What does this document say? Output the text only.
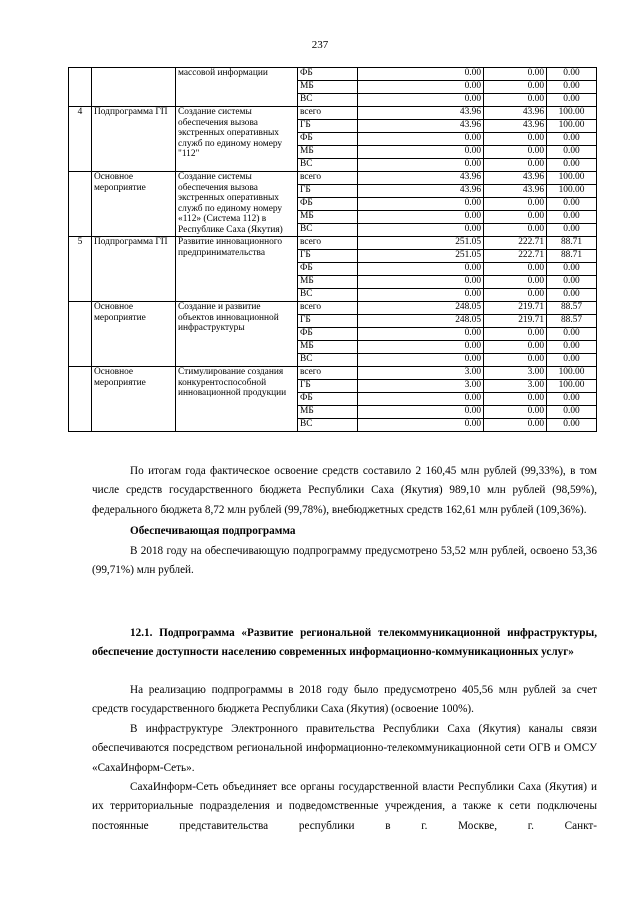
237
		массовой информации	ФБ	0.00	0.00	0.00
			МБ	0.00	0.00	0.00
			ВС	0.00	0.00	0.00
4	Подпрограмма ГП	Создание системы обеспечения вызова экстренных оперативных служб по единому номеру "112"	всего	43.96	43.96	100.00
			ГБ	43.96	43.96	100.00
			ФБ	0.00	0.00	0.00
			МБ	0.00	0.00	0.00
			ВС	0.00	0.00	0.00
	Основное мероприятие	Создание системы обеспечения вызова экстренных оперативных служб по единому номеру «112» (Система 112) в Республике Саха (Якутия)	всего	43.96	43.96	100.00
			ГБ	43.96	43.96	100.00
			ФБ	0.00	0.00	0.00
			МБ	0.00	0.00	0.00
			ВС	0.00	0.00	0.00
5	Подпрограмма ГП	Развитие инновационного предпринимательства	всего	251.05	222.71	88.71
			ГБ	251.05	222.71	88.71
			ФБ	0.00	0.00	0.00
			МБ	0.00	0.00	0.00
			ВС	0.00	0.00	0.00
	Основное мероприятие	Создание и развитие объектов инновационной инфраструктуры	всего	248.05	219.71	88.57
			ГБ	248.05	219.71	88.57
			ФБ	0.00	0.00	0.00
			МБ	0.00	0.00	0.00
			ВС	0.00	0.00	0.00
	Основное мероприятие	Стимулирование создания конкурентоспособной инновационной продукции	всего	3.00	3.00	100.00
			ГБ	3.00	3.00	100.00
			ФБ	0.00	0.00	0.00
			МБ	0.00	0.00	0.00
			ВС	0.00	0.00	0.00

По итогам года фактическое освоение средств составило 2 160,45 млн рублей (99,33%), в том числе средств государственного бюджета Республики Саха (Якутия) 989,10 млн рублей (98,59%), федерального бюджета 8,72 млн рублей (99,78%), внебюджетных средств 162,61 млн рублей (109,36%).

Обеспечивающая подпрограмма

В 2018 году на обеспечивающую подпрограмму предусмотрено 53,52 млн рублей, освоено 53,36 (99,71%) млн рублей.

12.1. Подпрограмма «Развитие региональной телекоммуникационной инфраструктуры, обеспечение доступности населению современных информационно-коммуникационных услуг»

На реализацию подпрограммы в 2018 году было предусмотрено 405,56 млн рублей за счет средств государственного бюджета Республики Саха (Якутия) (освоение 100%).

В инфраструктуре Электронного правительства Республики Саха (Якутия) каналы связи обеспечиваются посредством региональной информационно-телекоммуникационной сети ОГВ и ОМСУ «СахаИнформ-Сеть».

СахаИнформ-Сеть объединяет все органы государственной власти Республики Саха (Якутия) и их территориальные подразделения и подведомственные учреждения, а также к сети подключены постоянные представительства республики в г. Москве, г. Санкт-
